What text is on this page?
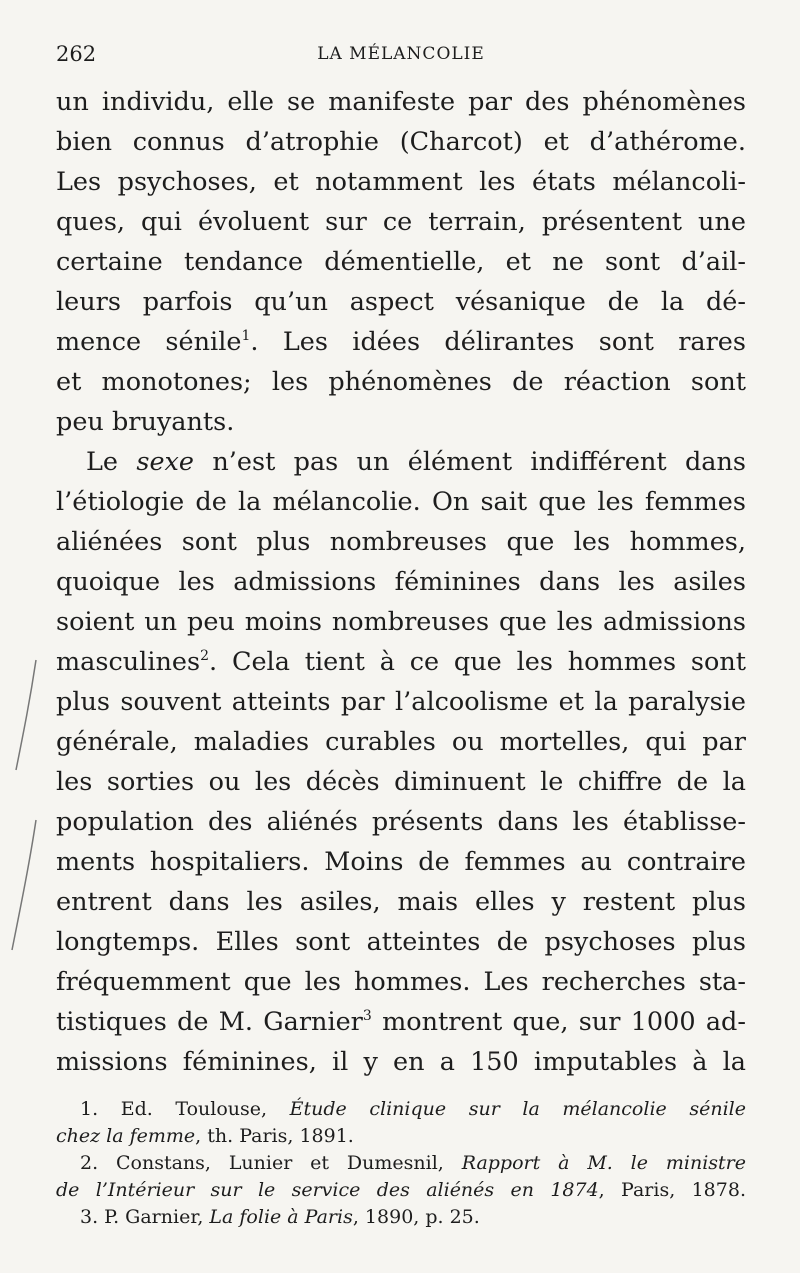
262	LA MÉLANCOLIE
un individu, elle se manifeste par des phénomènes
bien connus d’atrophie (Charcot) et d’athérome.
Les psychoses, et notamment les états mélancoli-
ques, qui évoluent sur ce terrain, présentent une
certaine tendance démentielle, et ne sont d’ail-
leurs parfois qu’un aspect vésanique de la dé-
mence sénile$^1$. Les idées délirantes sont rares
et monotones; les phénomènes de réaction sont
peu bruyants.
Le sexe n’est pas un élément indifférent dans
l’étiologie de la mélancolie. On sait que les femmes
aliénées sont plus nombreuses que les hommes,
quoique les admissions féminines dans les asiles
soient un peu moins nombreuses que les admissions
masculines$^2$. Cela tient à ce que les hommes sont
plus souvent atteints par l’alcoolisme et la paralysie
générale, maladies curables ou mortelles, qui par
les sorties ou les décès diminuent le chiffre de la
population des aliénés présents dans les établisse-
ments hospitaliers. Moins de femmes au contraire
entrent dans les asiles, mais elles y restent plus
longtemps. Elles sont atteintes de psychoses plus
fréquemment que les hommes. Les recherches sta-
tistiques de M. Garnier$^3$ montrent que, sur 1000 ad-
missions féminines, il y en a 150 imputables à la
1. Ed. Toulouse, Étude clinique sur la mélancolie sénile
chez la femme, th. Paris, 1891.
2. Constans, Lunier et Dumesnil, Rapport à M. le ministre
de l’Intérieur sur le service des aliénés en 1874, Paris, 1878.
3. P. Garnier, La folie à Paris, 1890, p. 25.
